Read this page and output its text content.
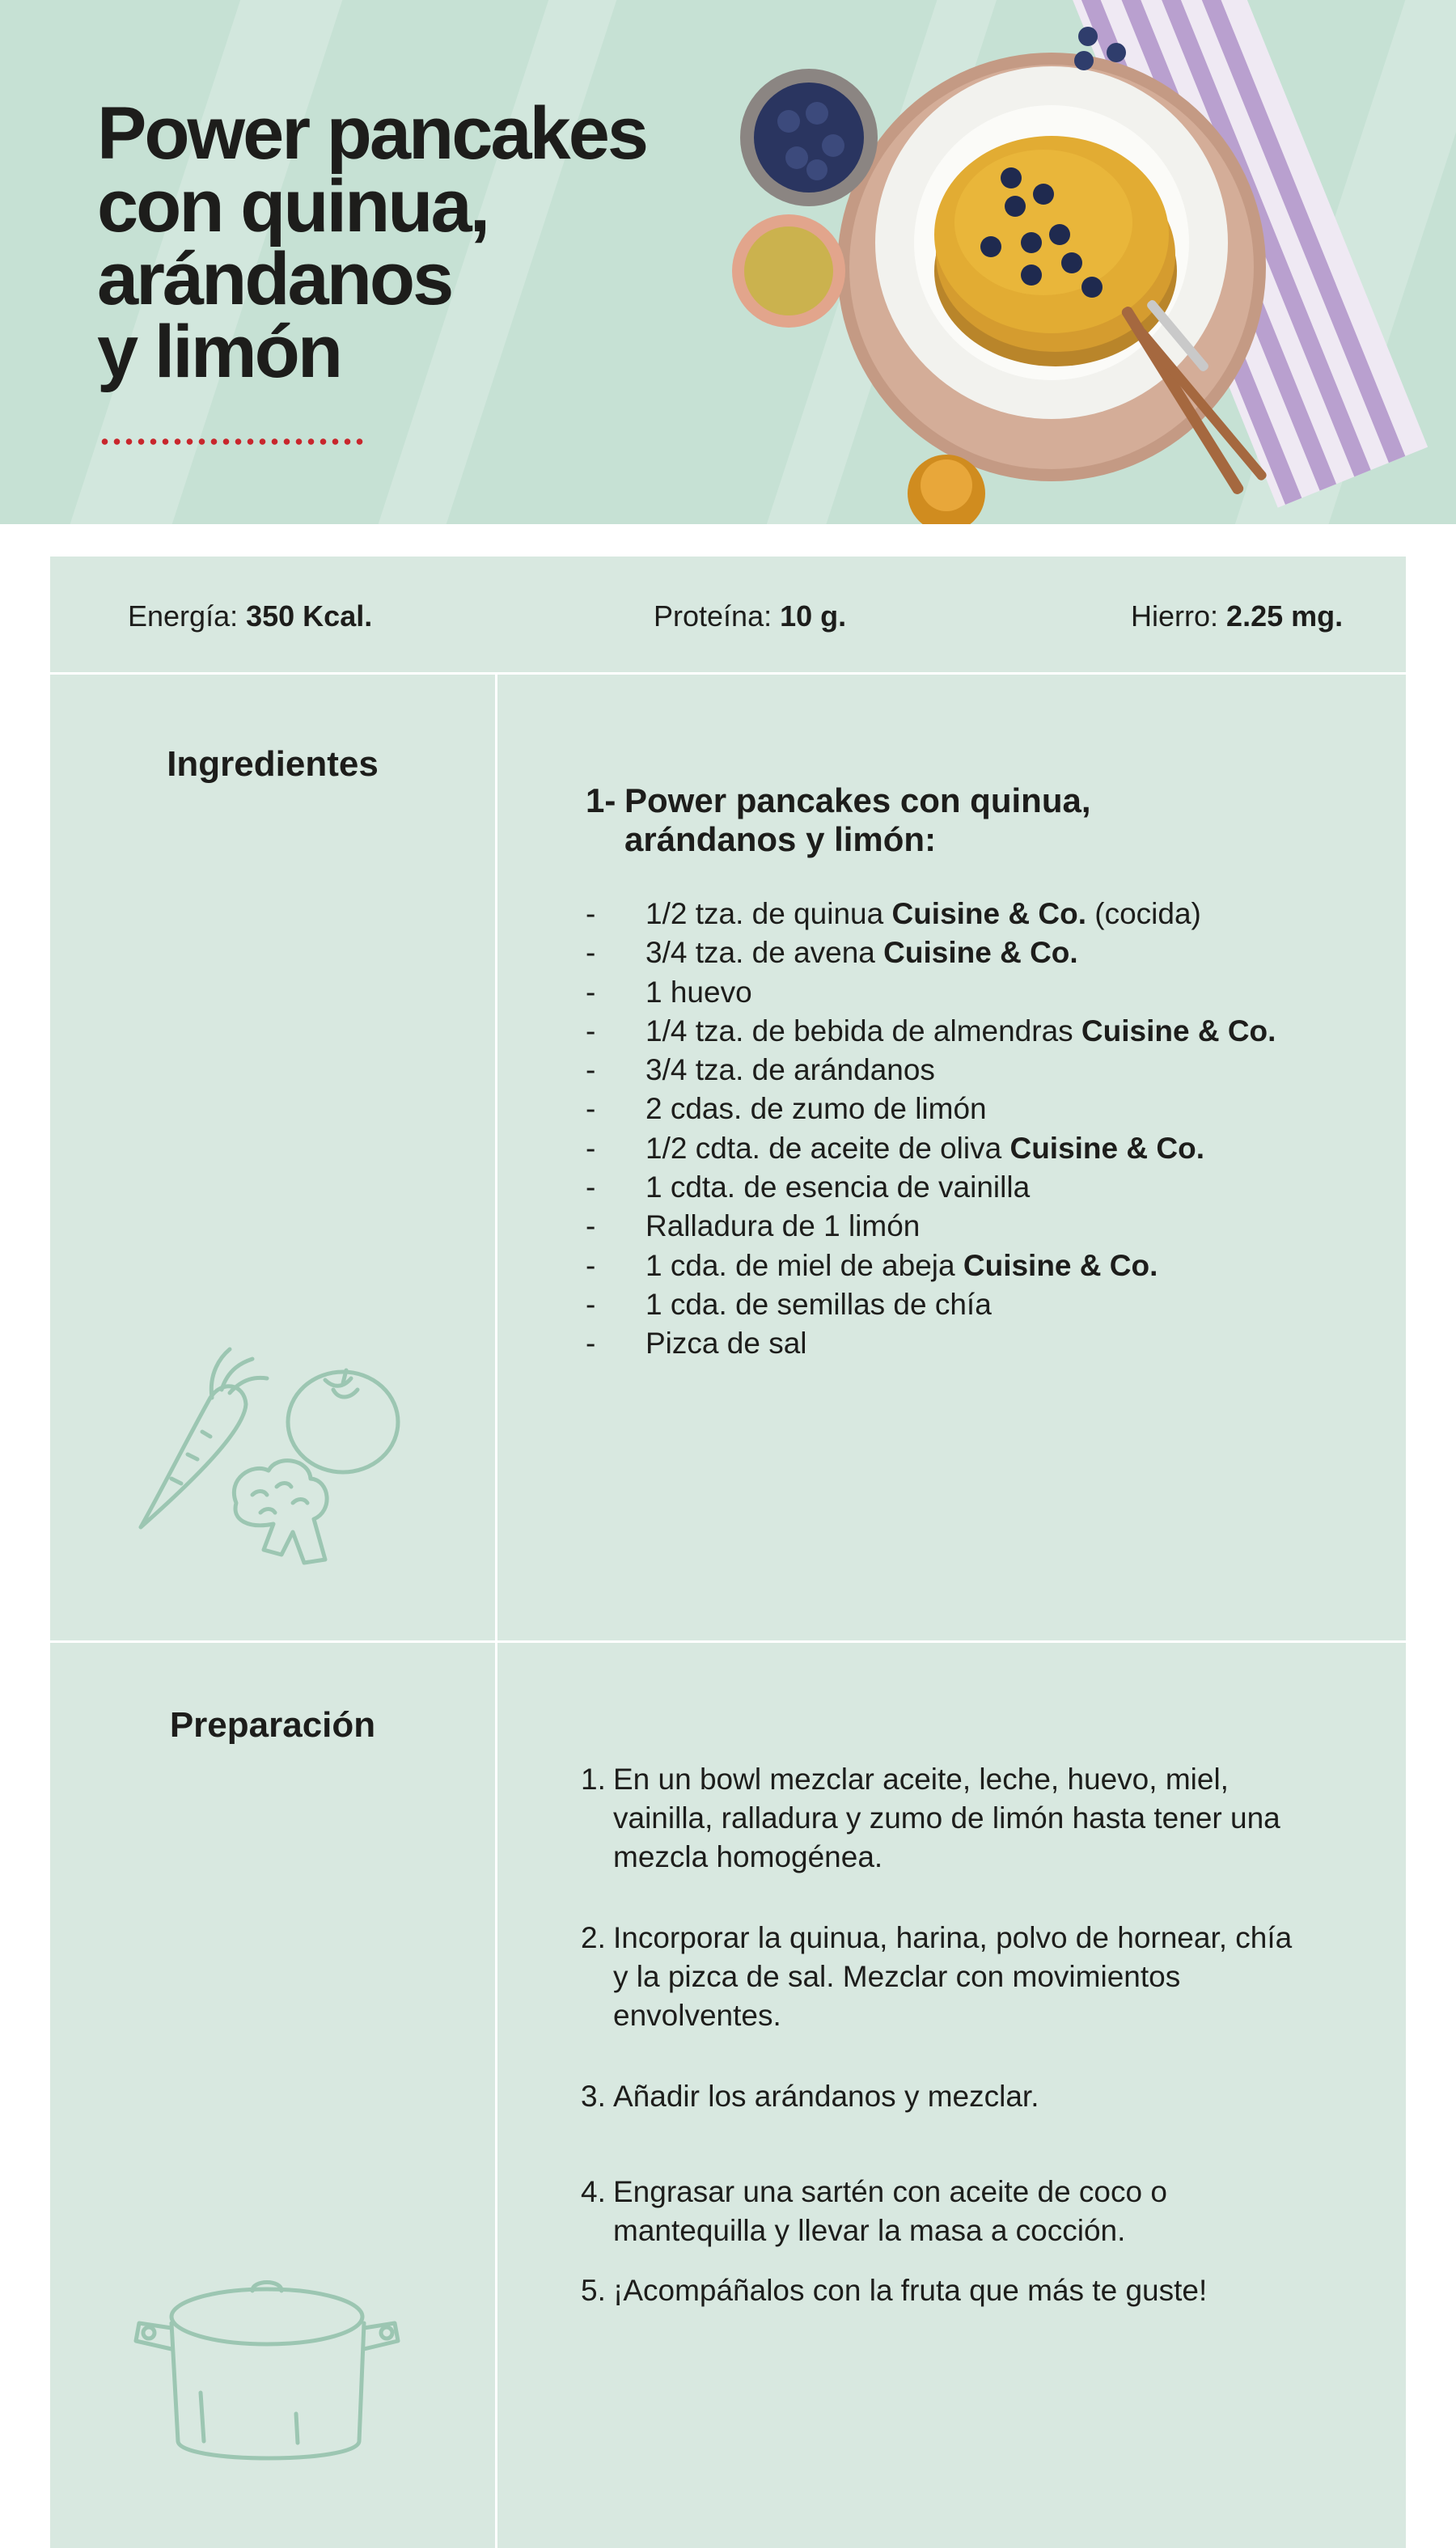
Power pancakes
con quinua,
arándanos
y limón
Energía: 350 Kcal.	Proteína: 10 g.	Hierro: 2.25 mg.
Ingredientes
1- Power pancakes con quinua, arándanos y limón:
- 1/2 tza. de quinua Cuisine & Co. (cocida)
- 3/4 tza. de avena Cuisine & Co.
- 1 huevo
- 1/4 tza. de bebida de almendras Cuisine & Co.
- 3/4 tza. de arándanos
- 2 cdas. de zumo de limón
- 1/2 cdta. de aceite de oliva Cuisine & Co.
- 1 cdta. de esencia de vainilla
- Ralladura de 1 limón
- 1 cda. de miel de abeja Cuisine & Co.
- 1 cda. de semillas de chía
- Pizca de sal
Preparación
1. En un bowl mezclar aceite, leche, huevo, miel, vainilla, ralladura y zumo de limón hasta tener una mezcla homogénea.
2. Incorporar la quinua, harina, polvo de hornear, chía y la pizca de sal. Mezclar con movimientos envolventes.
3. Añadir los arándanos y mezclar.
4. Engrasar una sartén con aceite de coco o mantequilla y llevar la masa a cocción.
5. ¡Acompáñalos con la fruta que más te guste!
